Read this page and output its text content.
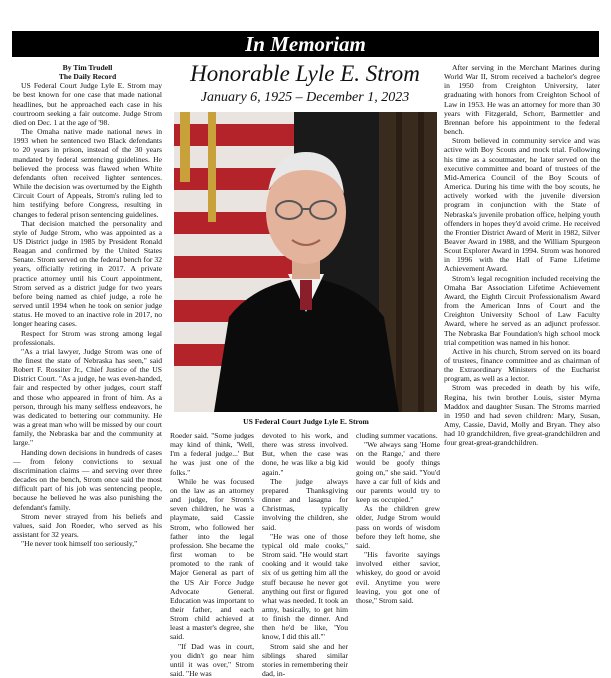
In Memoriam
By Tim Trudell
The Daily Record

US Federal Court Judge Lyle E. Strom may be best known for one case that made national headlines, but he approached each case in his courtroom seeking a fair outcome. Judge Strom died on Dec. 1 at the age of '98.

The Omaha native made national news in 1993 when he sentenced two Black defendants to 20 years in prison, instead of the 30 years mandated by federal sentencing guidelines. He believed the process was flawed when White defendants often received lighter sentences. While the decision was overturned by the Eighth Circuit Court of Appeals, Strom's ruling led to him testifying before Congress, resulting in changes to federal prison sentencing guidelines.

That decision matched the personality and style of Judge Strom, who was appointed as a US District judge in 1985 by President Ronald Reagan and confirmed by the United States Senate. Strom served on the federal bench for 32 years, officially retiring in 2017. A private practice attorney until his Court appointment, Strom served as a district judge for two years before being named as chief judge, a role he served until 1994 when he took on senior judge status. He moved to an inactive role in 2017, no longer hearing cases.

Respect for Strom was strong among legal professionals.

"As a trial lawyer, Judge Strom was one of the finest the state of Nebraska has seen," said Robert F. Rossiter Jr., Chief Justice of the US District Court. "As a judge, he was even-handed, fair and respected by other judges, court staff and those who appeared in front of him. As a person, through his many selfless endeavors, he was dedicated to bettering our community. He was a great man who will be missed by our court family, the Nebraska bar and the community at large."

Handing down decisions in hundreds of cases — from felony convictions to sexual discrimination claims — and serving over three decades on the bench, Strom once said the most difficult part of his job was sentencing people, because he believed he was also punishing the defendant's family.

Strom never strayed from his beliefs and values, said Jon Roeder, who served as his assistant for 32 years.

"He never took himself too seriously,"

Honorable Lyle E. Strom
January 6, 1925 – December 1, 2023
US Federal Court Judge Lyle E. Strom

Roeder said. "Some judges may kind of think, 'Well, I'm a federal judge...' But he was just one of the folks."

While he was focused on the law as an attorney and judge, for Strom's seven children, he was a playmate, said Cassie Strom, who followed her father into the legal profession. She became the first woman to be promoted to the rank of Major General as part of the US Air Force Judge Advocate General. Education was important to their father, and each Strom child achieved at least a master's degree, she said.

"If Dad was in court, you didn't go near him until it was over," Strom said. "He was

devoted to his work, and there was stress involved. But, when the case was done, he was like a big kid again."

The judge always prepared Thanksgiving dinner and lasagna for Christmas, typically involving the children, she said.

"He was one of those typical old male cooks," Strom said. "He would start cooking and it would take six of us getting him all the stuff because he never got anything out first or figured what was needed. It took an army, basically, to get him to finish the dinner. And then he'd be like, 'You know, I did this all.'"

Strom said she and her siblings shared similar stories in remembering their dad, in-

cluding summer vacations.

"We always sang 'Home on the Range,' and there would be goofy things going on," she said. "You'd have a car full of kids and our parents would try to keep us occupied."

As the children grew older, Judge Strom would pass on words of wisdom before they left home, she said.

"His favorite sayings involved either savior, whiskey, do good or avoid evil. Anytime you were leaving, you got one of those," Strom said.

After serving in the Merchant Marines during World War II, Strom received a bachelor's degree in 1950 from Creighton University, later graduating with honors from Creighton School of Law in 1953. He was an attorney for more than 30 years with Fitzgerald, Schorr, Barmettler and Brennan before his appointment to the federal bench.

Strom believed in community service and was active with Boy Scouts and mock trial. Following his time as a scoutmaster, he later served on the executive committee and board of trustees of the Mid-America Council of the Boy Scouts of America. During his time with the boy scouts, he actively worked with the juvenile diversion program in conjunction with the State of Nebraska's juvenile probation office, helping youth offenders in hopes they'd avoid crime. He received the Frontier District Award of Merit in 1982, Silver Beaver Award in 1988, and the William Spurgeon Scout Explorer Award in 1994. Strom was honored in 1996 with the Hall of Fame Lifetime Achievement Award.

Strom's legal recognition included receiving the Omaha Bar Association Lifetime Achievement Award, the Eighth Circuit Professionalism Award from the American Inns of Court and the Creighton University School of Law Faculty Award, where he served as an adjunct professor. The Nebraska Bar Foundation's high school mock trial competition was named in his honor.

Active in his church, Strom served on its board of trustees, finance committee and as chairman of the Extraordinary Ministers of the Eucharist program, as well as a lector.

Strom was preceded in death by his wife, Regina, his twin brother Louis, sister Myrna Maddox and daughter Susan. The Stroms married in 1950 and had seven children: Mary, Susan, Amy, Cassie, David, Molly and Bryan. They also had 10 grandchildren, five great-grandchildren and four great-great-grandchildren.
